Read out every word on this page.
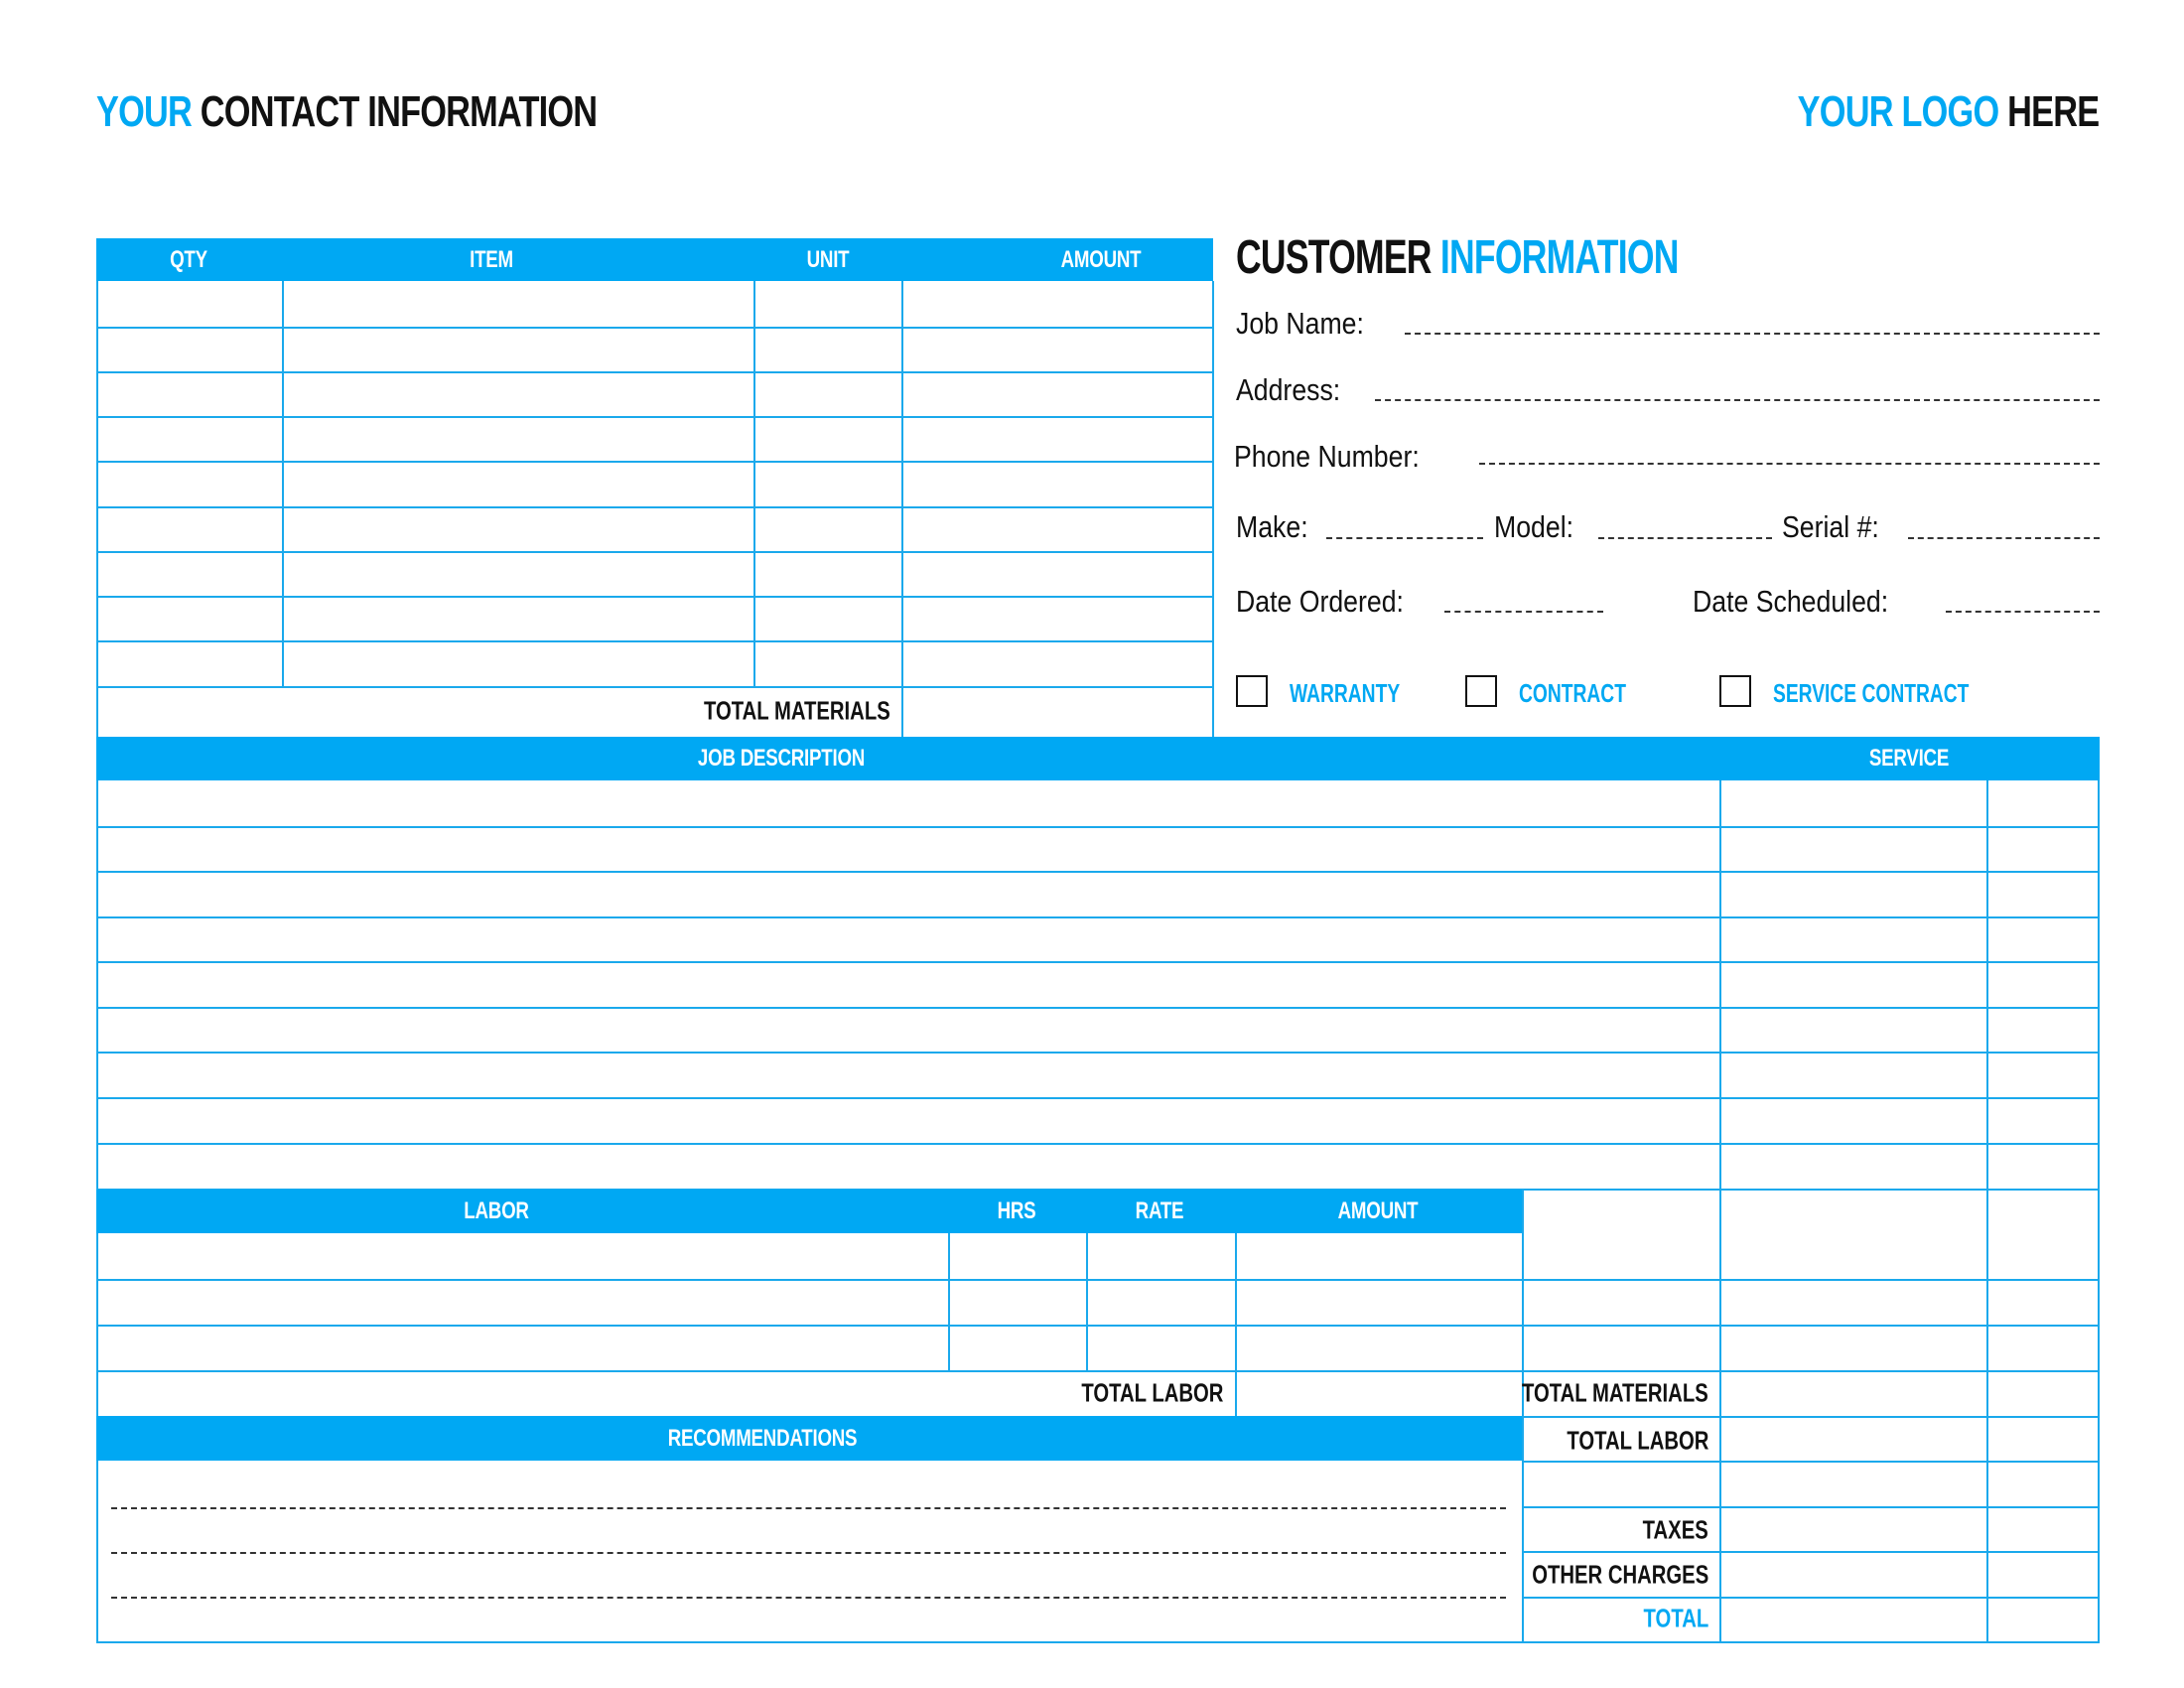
YOUR CONTACT INFORMATION	YOUR LOGO HERE
QTY	ITEM	UNIT	AMOUNT
TOTAL MATERIALS
CUSTOMER INFORMATION
Job Name:
Address:
Phone Number:
Make:	Model:	Serial #:
Date Ordered:	Date Scheduled:
WARRANTY	CONTRACT	SERVICE CONTRACT
JOB DESCRIPTION	SERVICE
LABOR	HRS	RATE	AMOUNT
TOTAL LABOR
RECOMMENDATIONS
TOTAL MATERIALS
TOTAL LABOR
TAXES
OTHER CHARGES
TOTAL
